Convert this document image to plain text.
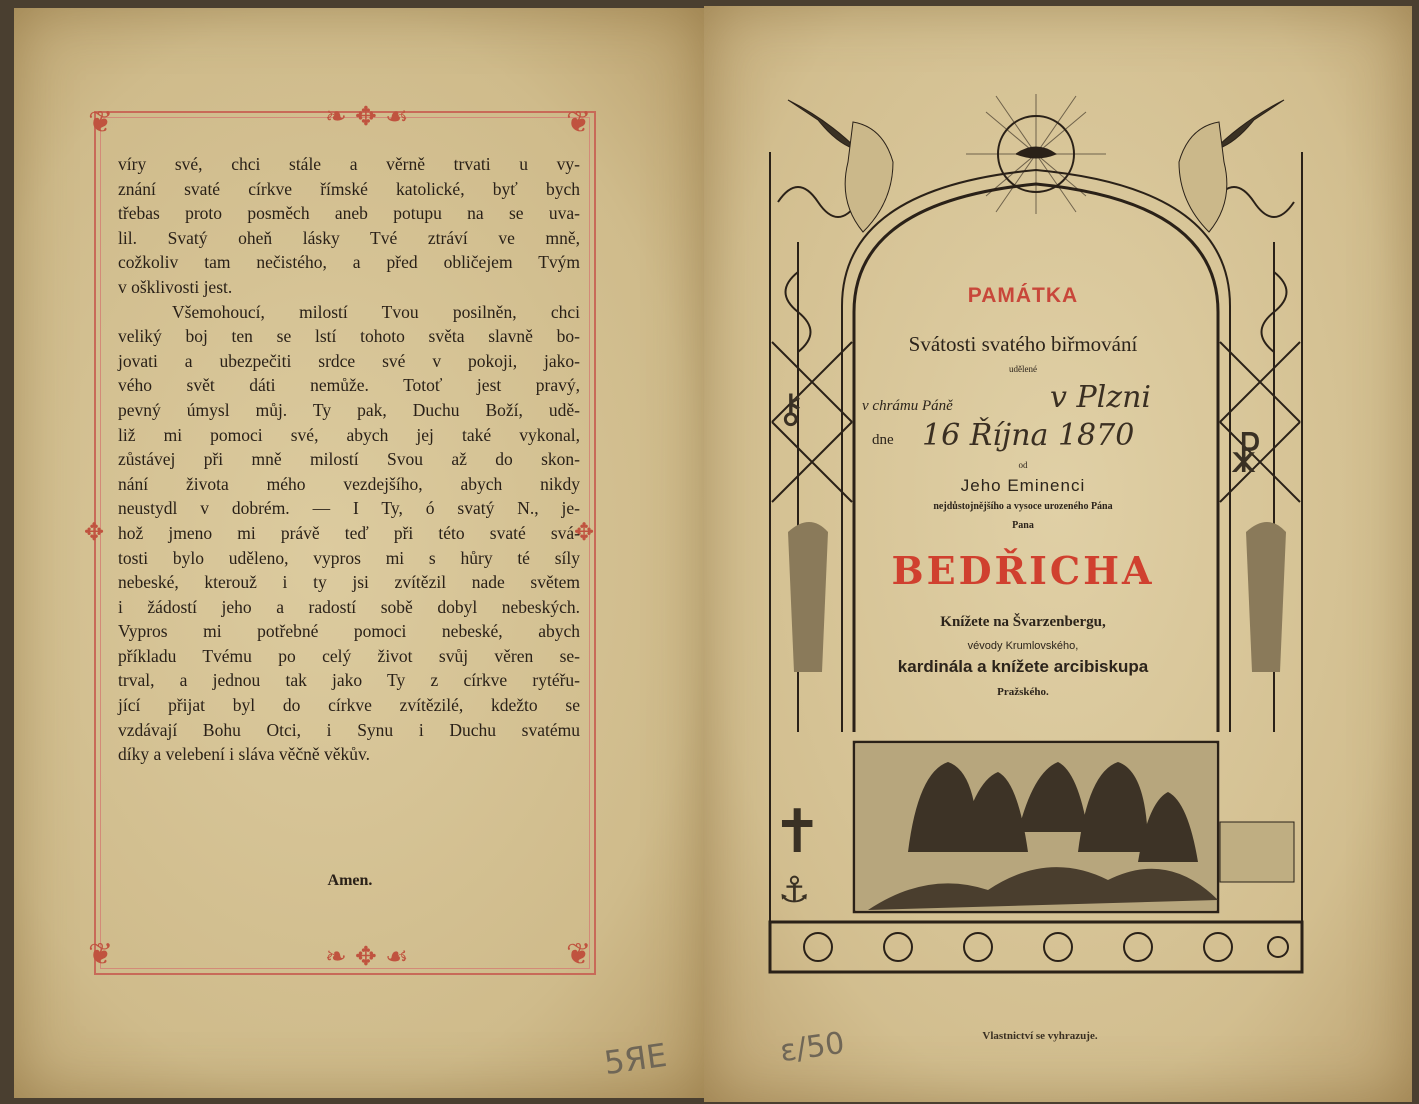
❦	❦
❦	❦
❧ ✥ ☙
❧ ✥ ☙
✥	✥
víry své, chci stále a věrně trvati u vy-
znání svaté církve římské katolické, byť bych
třebas proto posměch aneb potupu na se uva-
lil. Svatý oheň lásky Tvé ztráví ve mně,
cožkoliv tam nečistého, a před obličejem Tvým
v ošklivosti jest.
Všemohoucí, milostí Tvou posilněn, chci
veliký boj ten se lstí tohoto světa slavně bo-
jovati a ubezpečiti srdce své v pokoji, jako-
vého svět dáti nemůže. Totoť jest pravý,
pevný úmysl můj. Ty pak, Duchu Boží, udě-
liž mi pomoci své, abych jej také vykonal,
zůstávej při mně milostí Svou až do skon-
nání života mého vezdejšího, abych nikdy
neustydl v dobrém. — I Ty, ó svatý N., je-
hož jmeno mi právě teď při této svaté svá-
tosti bylo uděleno, vypros mi s hůry té síly
nebeské, kterouž i ty jsi zvítězil nade světem
i žádostí jeho a radostí sobě dobyl nebeských.
Vypros mi potřebné pomoci nebeské, abych
příkladu Tvému po celý život svůj věren se-
trval, a jednou tak jako Ty z církve rytéřu-
jící přijat byl do církve zvítězilé, kdežto se
vzdávají Bohu Otci, i Synu i Duchu svatému
díky a velebení i sláva věčně věkův.
Amen.
5ЯЕ
⚷
☧
✝
⚓
PAMÁTKA
Svátosti svatého biřmování
udělené
v chrámu Páně	v Plzni
dne 16 Října 1870
od
Jeho Eminenci
nejdůstojnějšího a vysoce urozeného Pána
Pana
BEDŘICHA
Knížete na Švarzenbergu,
vévody Krumlovského,
kardinála a knížete arcibiskupa
Pražského.
Vlastnictví se vyhrazuje.
ε/50
